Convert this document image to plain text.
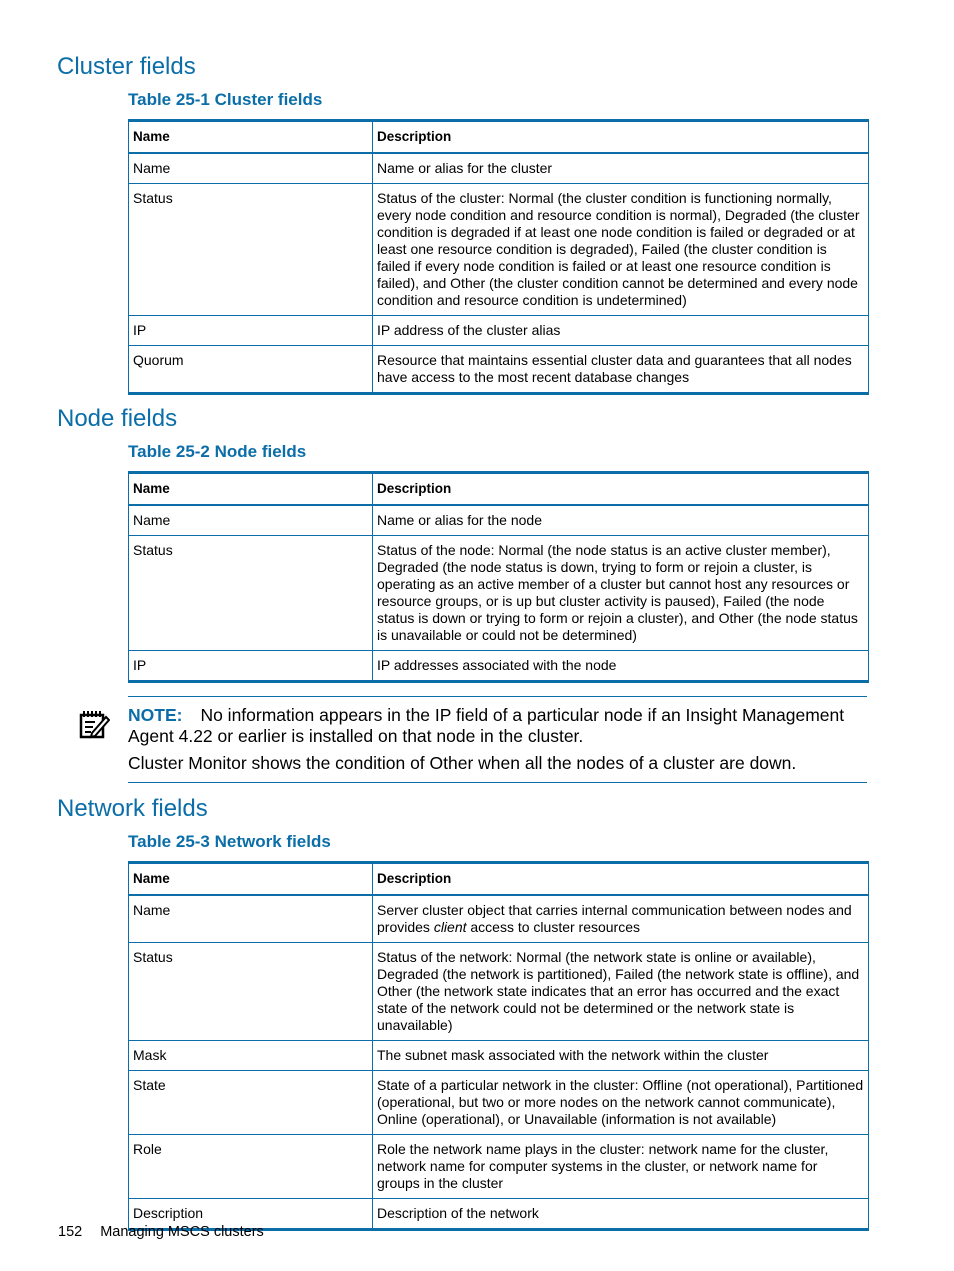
Cluster fields
Table 25-1 Cluster fields
Name	Description
Name	Name or alias for the cluster
Status	Status of the cluster: Normal (the cluster condition is functioning normally, every node condition and resource condition is normal), Degraded (the cluster condition is degraded if at least one node condition is failed or degraded or at least one resource condition is degraded), Failed (the cluster condition is failed if every node condition is failed or at least one resource condition is failed), and Other (the cluster condition cannot be determined and every node condition and resource condition is undetermined)
IP	IP address of the cluster alias
Quorum	Resource that maintains essential cluster data and guarantees that all nodes have access to the most recent database changes
Node fields
Table 25-2 Node fields
Name	Description
Name	Name or alias for the node
Status	Status of the node: Normal (the node status is an active cluster member), Degraded (the node status is down, trying to form or rejoin a cluster, is operating as an active member of a cluster but cannot host any resources or resource groups, or is up but cluster activity is paused), Failed (the node status is down or trying to form or rejoin a cluster), and Other (the node status is unavailable or could not be determined)
IP	IP addresses associated with the node

NOTE: No information appears in the IP field of a particular node if an Insight Management Agent 4.22 or earlier is installed on that node in the cluster.

Cluster Monitor shows the condition of Other when all the nodes of a cluster are down.

Network fields
Table 25-3 Network fields
Name	Description
Name	Server cluster object that carries internal communication between nodes and provides client access to cluster resources
Status	Status of the network: Normal (the network state is online or available), Degraded (the network is partitioned), Failed (the network state is offline), and Other (the network state indicates that an error has occurred and the exact state of the network could not be determined or the network state is unavailable)
Mask	The subnet mask associated with the network within the cluster
State	State of a particular network in the cluster: Offline (not operational), Partitioned (operational, but two or more nodes on the network cannot communicate), Online (operational), or Unavailable (information is not available)
Role	Role the network name plays in the cluster: network name for the cluster, network name for computer systems in the cluster, or network name for groups in the cluster
Description	Description of the network
152 Managing MSCS clusters
